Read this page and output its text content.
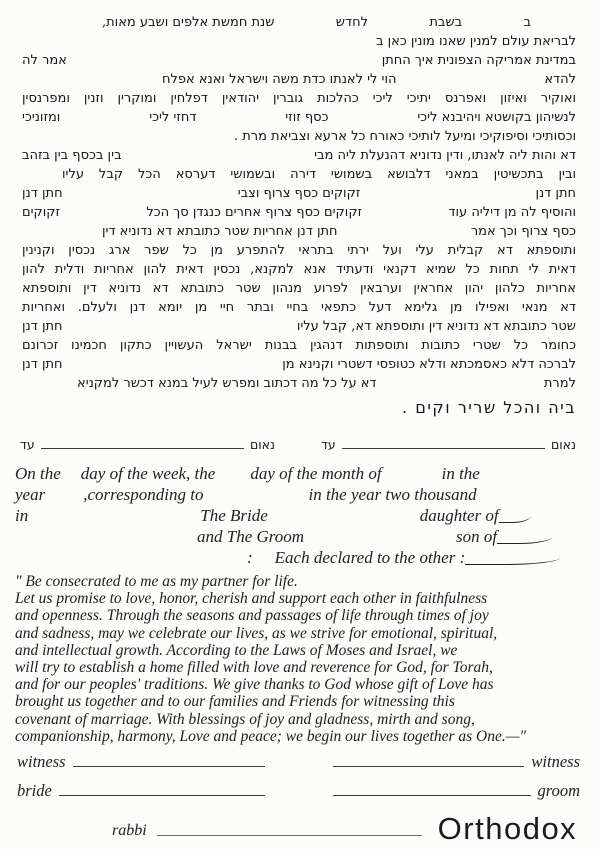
ב
בשבת
לחדש
שנת חמשת אלפים ושבע מאות,
לבריאת עולם למנין שאנו מונין כאן ב
במדינת אמריקה הצפונית איך החתן
אמר לה
להדא
הוי לי לאנתו כדת משה וישראל ואנא אפלח
ואוקיר ואיזון ואפרנס יתיכי ליכי כהלכות גוברין יהודאין דפלחין ומוקרין וזנין ומפרנסין
לנשיהון בקושטא ויהיבנא ליכי
כסף זוזי
דחזי ליכי
ומזוניכי
וכסותיכי וסיפוקיכי ומיעל לותיכי כאורח כל ארעא וצביאת מרת .
דא והות ליה לאנתו, ודין נדוניא דהנעלת ליה מבי
בין בכסף בין בזהב
ובין בתכשיטין במאני דלבושא בשמושי דירה ובשמושי דערסא הכל קבל עליו
חתן דנן
זקוקים כסף צרוף וצבי
חתן דנן
והוסיף לה מן דיליה עוד
זקוקים כסף צרוף אחרים כנגדן סך הכל
זקוקים
כסף צרוף וכך אמר
חתן דנן אחריות שטר כתובתא דא נדוניא דין
ותוספתא דא קבלית עלי ועל ירתי בתראי להתפרע מן כל שפר ארג נכסין וקנינין
דאית לי תחות כל שמיא דקנאי ודעתיד אנא למקנא, נכסין דאית להון אחריות ודלית להון
אחריות כלהון יהון אחראין וערבאין לפרוע מנהון שטר כתובתא דא נדוניא דין ותוספתא
דא מנאי ואפילו מן גלימא דעל כתפאי בחיי ובתר חיי מן יומא דנן ולעלם. ואחריות
שטר כתובתא דא נדוניא דין ותוספתא דא, קבל עליו
חתן דנן
כחומר כל שטרי כתובות ותוספתות דנהגין בבנות ישראל העשויין כתקון חכמינו זכרונם
לברכה דלא כאסמכתא ודלא כטופסי דשטרי וקנינא מן
חתן דנן
למרת
דא על כל מה דכתוב ומפרש לעיל במנא דכשר למקניא
ביה והכל שריר וקים .
נאום
עד	נאום
עד
On the day of the week, the day of the month of	in the
year ,corresponding to	in the year two thousand
in	The Bride	daughter of
and The Groom	son of
: Each declared to the other :
" Be consecrated to me as my partner for life.
Let us promise to love, honor, cherish and support each other in faithfulness
and openness. Through the seasons and passages of life through times of joy
and sadness, may we celebrate our lives, as we strive for emotional, spiritual,
and intellectual growth. According to the Laws of Moses and Israel, we
will try to establish a home filled with love and reverence for God, for Torah,
and for our peoples' traditions. We give thanks to God whose gift of Love has
brought us together and to our families and Friends for witnessing this
covenant of marriage. With blessings of joy and gladness, mirth and song,
companionship, harmony, Love and peace; we begin our lives together as One.—"
witness	witness
bride	groom
rabbi	Orthodox
